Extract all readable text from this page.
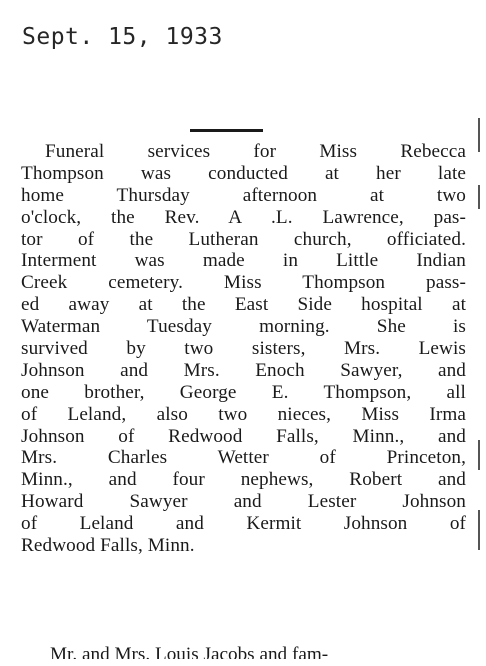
Sept. 15, 1933
Funeral services for Miss Rebecca
Thompson was conducted at her late
home Thursday afternoon at two
o'clock, the Rev. A .L. Lawrence, pas-
tor of the Lutheran church, officiated.
Interment was made in Little Indian
Creek cemetery. Miss Thompson pass-
ed away at the East Side hospital at
Waterman Tuesday morning. She is
survived by two sisters, Mrs. Lewis
Johnson and Mrs. Enoch Sawyer, and
one brother, George E. Thompson, all
of Leland, also two nieces, Miss Irma
Johnson of Redwood Falls, Minn., and
Mrs. Charles Wetter of Princeton,
Minn., and four nephews, Robert and
Howard Sawyer and Lester Johnson
of Leland and Kermit Johnson of
Redwood Falls, Minn.
Mr. and Mrs. Louis Jacobs and fam-
